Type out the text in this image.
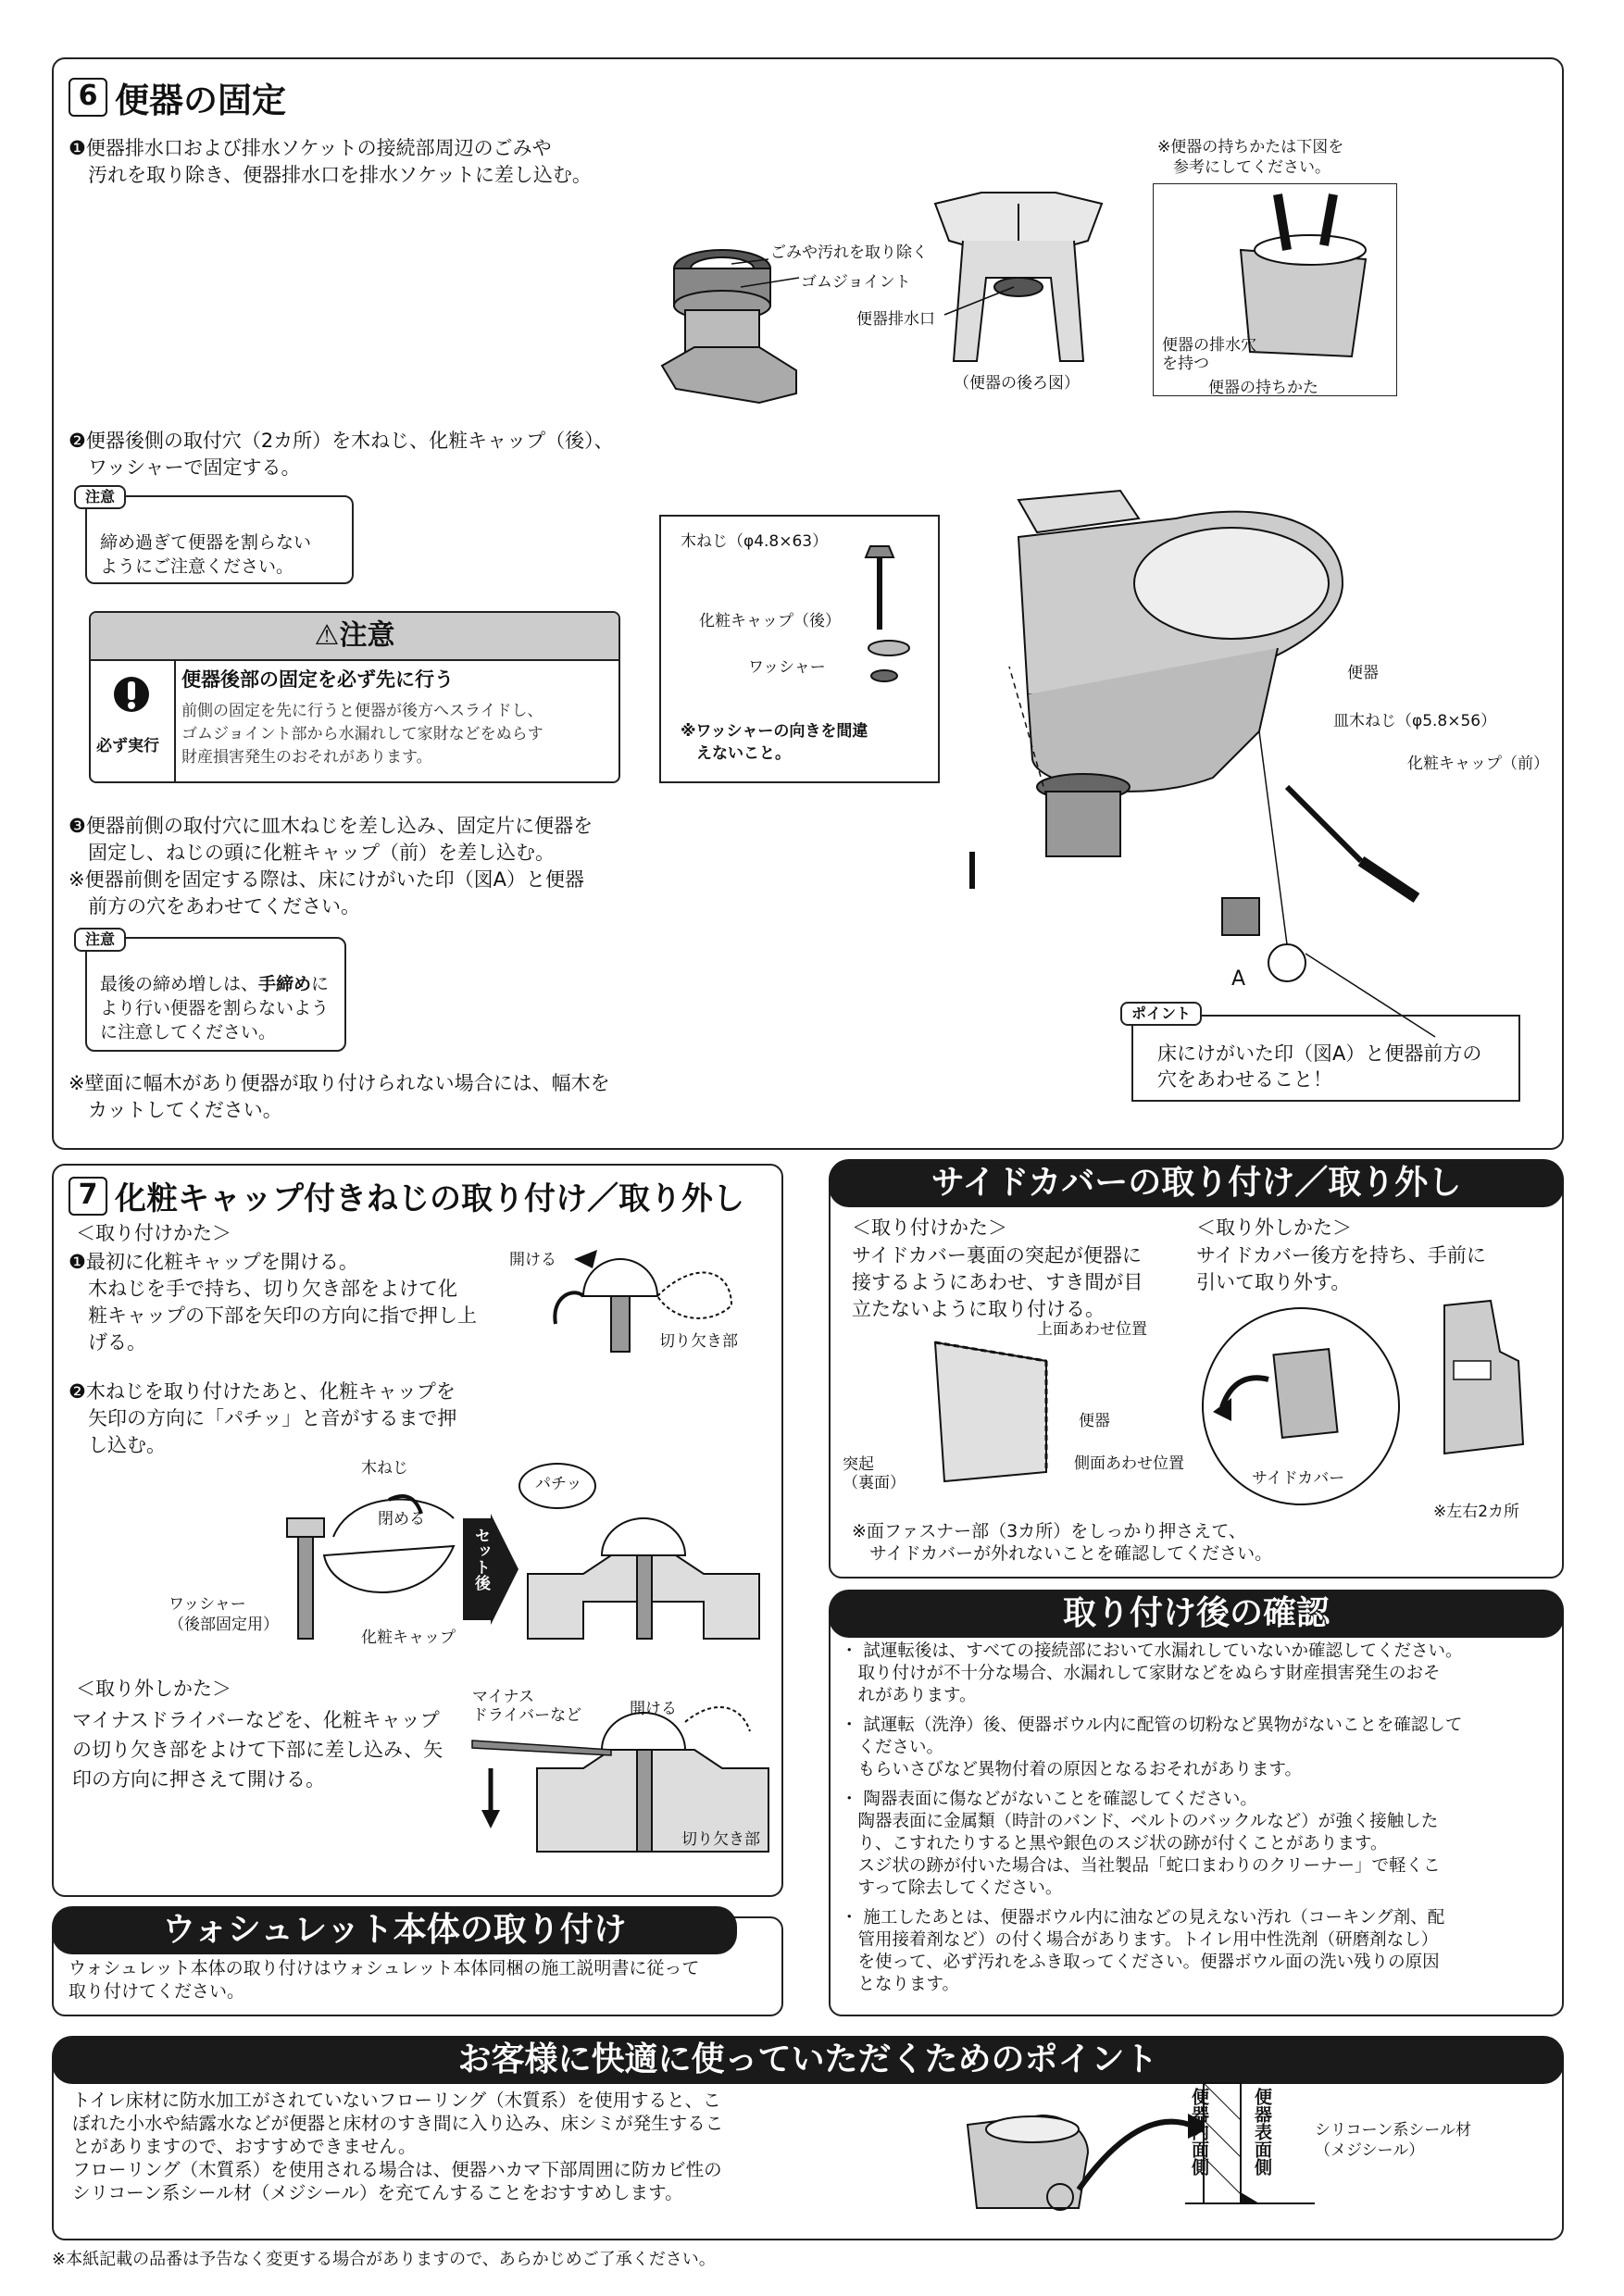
6 便器の固定
❶便器排水口および排水ソケットの接続部周辺のごみや
　汚れを取り除き、便器排水口を排水ソケットに差し込む。
ごみや汚れを取り除く
ゴムジョイント
便器排水口
（便器の後ろ図）
※便器の持ちかたは下図を
　参考にしてください。
便器の排水穴
を持つ
便器の持ちかた
❷便器後側の取付穴（2カ所）を木ねじ、化粧キャップ（後）、
　ワッシャーで固定する。

締め過ぎて便器を割らない
ようにご注意ください。

注意
⚠注意
必ず実行
便器後部の固定を必ず先に行う
前側の固定を先に行うと便器が後方へスライドし、
ゴムジョイント部から水漏れして家財などをぬらす
財産損害発生のおそれがあります。
木ねじ（φ4.8×63）
化粧キャップ（後）
ワッシャー
※ワッシャーの向きを間違
　えないこと。
便器
皿木ねじ（φ5.8×56）
化粧キャップ（前）
A
❸便器前側の取付穴に皿木ねじを差し込み、固定片に便器を
　固定し、ねじの頭に化粧キャップ（前）を差し込む。
※便器前側を固定する際は、床にけがいた印（図A）と便器
　前方の穴をあわせてください。

最後の締め増しは、手締めに
より行い便器を割らないよう
に注意してください。

注意
ポイント
床にけがいた印（図A）と便器前方の
穴をあわせること！
※壁面に幅木があり便器が取り付けられない場合には、幅木を
　カットしてください。
7 化粧キャップ付きねじの取り付け／取り外し
＜取り付けかた＞
❶最初に化粧キャップを開ける。
　木ねじを手で持ち、切り欠き部をよけて化
　粧キャップの下部を矢印の方向に指で押し上
　げる。
❷木ねじを取り付けたあと、化粧キャップを
　矢印の方向に「パチッ」と音がするまで押
　し込む。
開ける
切り欠き部
木ねじ
閉める
ワッシャー
（後部固定用）
化粧キャップ
セット後
パチッ
＜取り外しかた＞
マイナスドライバーなどを、化粧キャップ
の切り欠き部をよけて下部に差し込み、矢
印の方向に押さえて開ける。
マイナス
ドライバーなど	開ける
切り欠き部
サイドカバーの取り付け／取り外し
＜取り付けかた＞
サイドカバー裏面の突起が便器に
接するようにあわせ、すき間が目
立たないように取り付ける。
＜取り外しかた＞
サイドカバー後方を持ち、手前に
引いて取り外す。
上面あわせ位置
便器
側面あわせ位置
突起
（裏面）	サイドカバー
※左右2カ所
※面ファスナー部（3カ所）をしっかり押さえて、
　サイドカバーが外れないことを確認してください。
取り付け後の確認
・ 試運転後は、すべての接続部において水漏れしていないか確認してください。
　取り付けが不十分な場合、水漏れして家財などをぬらす財産損害発生のおそ
　れがあります。
・ 試運転（洗浄）後、便器ボウル内に配管の切粉など異物がないことを確認して
　ください。
　もらいさびなど異物付着の原因となるおそれがあります。
・ 陶器表面に傷などがないことを確認してください。
　陶器表面に金属類（時計のバンド、ベルトのバックルなど）が強く接触した
　り、こすれたりすると黒や銀色のスジ状の跡が付くことがあります。
　スジ状の跡が付いた場合は、当社製品「蛇口まわりのクリーナー」で軽くこ
　すって除去してください。
・ 施工したあとは、便器ボウル内に油などの見えない汚れ（コーキング剤、配
　管用接着剤など）の付く場合があります。トイレ用中性洗剤（研磨剤なし）
　を使って、必ず汚れをふき取ってください。便器ボウル面の洗い残りの原因
　となります。
ウォシュレット本体の取り付け
ウォシュレット本体の取り付けはウォシュレット本体同梱の施工説明書に従って
取り付けてください。
お客様に快適に使っていただくためのポイント
トイレ床材に防水加工がされていないフローリング（木質系）を使用すると、こ
ぼれた小水や結露水などが便器と床材のすき間に入り込み、床シミが発生するこ
とがありますので、おすすめできません。
フローリング（木質系）を使用される場合は、便器ハカマ下部周囲に防カビ性の
シリコーン系シール材（メジシール）を充てんすることをおすすめします。
便器内面側 便器表面側	シリコーン系シール材
（メジシール）
※本紙記載の品番は予告なく変更する場合がありますので、あらかじめご了承ください。
